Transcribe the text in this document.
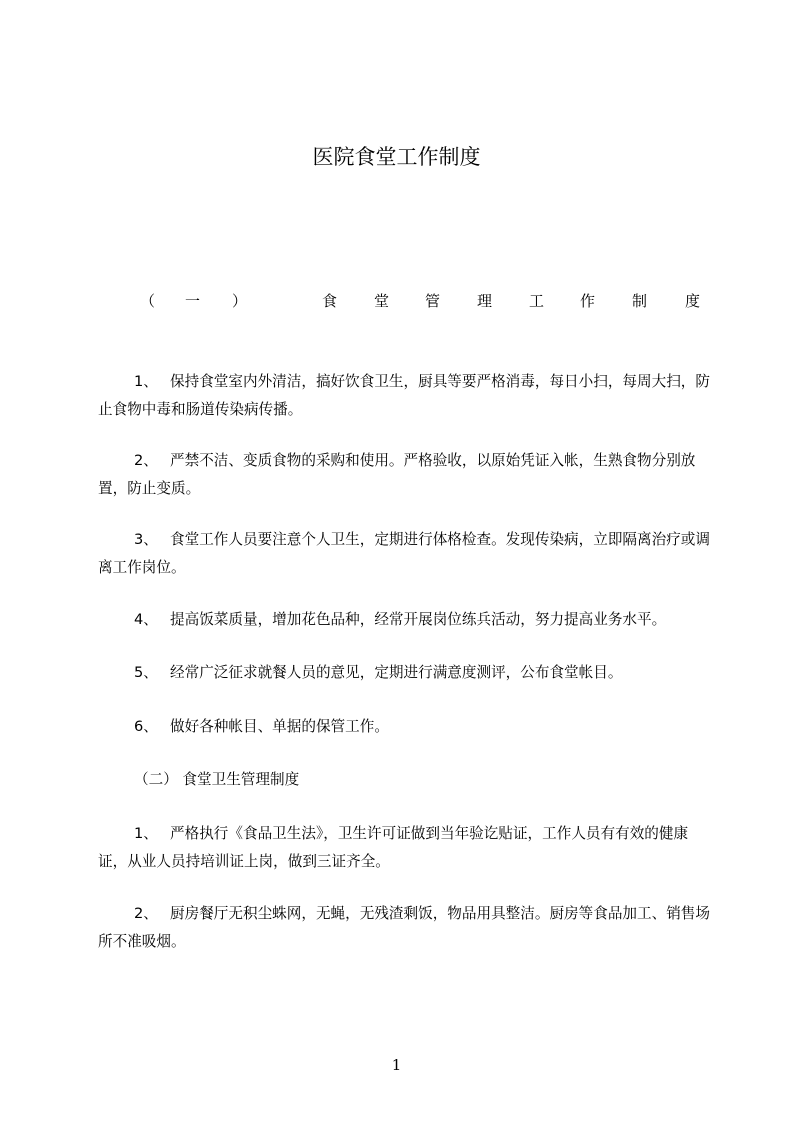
医院食堂工作制度
（ 一 ）	食 堂 管 理 工 作 制	度

1、 保持食堂室内外清洁，搞好饮食卫生，厨具等要严格消毒，每日小扫，每周大扫，防止食物中毒和肠道传染病传播。

2、 严禁不洁、变质食物的采购和使用。严格验收，以原始凭证入帐，生熟食物分别放置，防止变质。

3、 食堂工作人员要注意个人卫生，定期进行体格检查。发现传染病，立即隔离治疗或调离工作岗位。

4、 提高饭菜质量，增加花色品种，经常开展岗位练兵活动，努力提高业务水平。

5、 经常广泛征求就餐人员的意见，定期进行满意度测评，公布食堂帐目。

6、 做好各种帐目、单据的保管工作。

（二） 食堂卫生管理制度

1、 严格执行《食品卫生法》，卫生许可证做到当年验讫贴证，工作人员有有效的健康证，从业人员持培训证上岗，做到三证齐全。

2、 厨房餐厅无积尘蛛网，无蝇，无残渣剩饭，物品用具整洁。厨房等食品加工、销售场所不准吸烟。

1
